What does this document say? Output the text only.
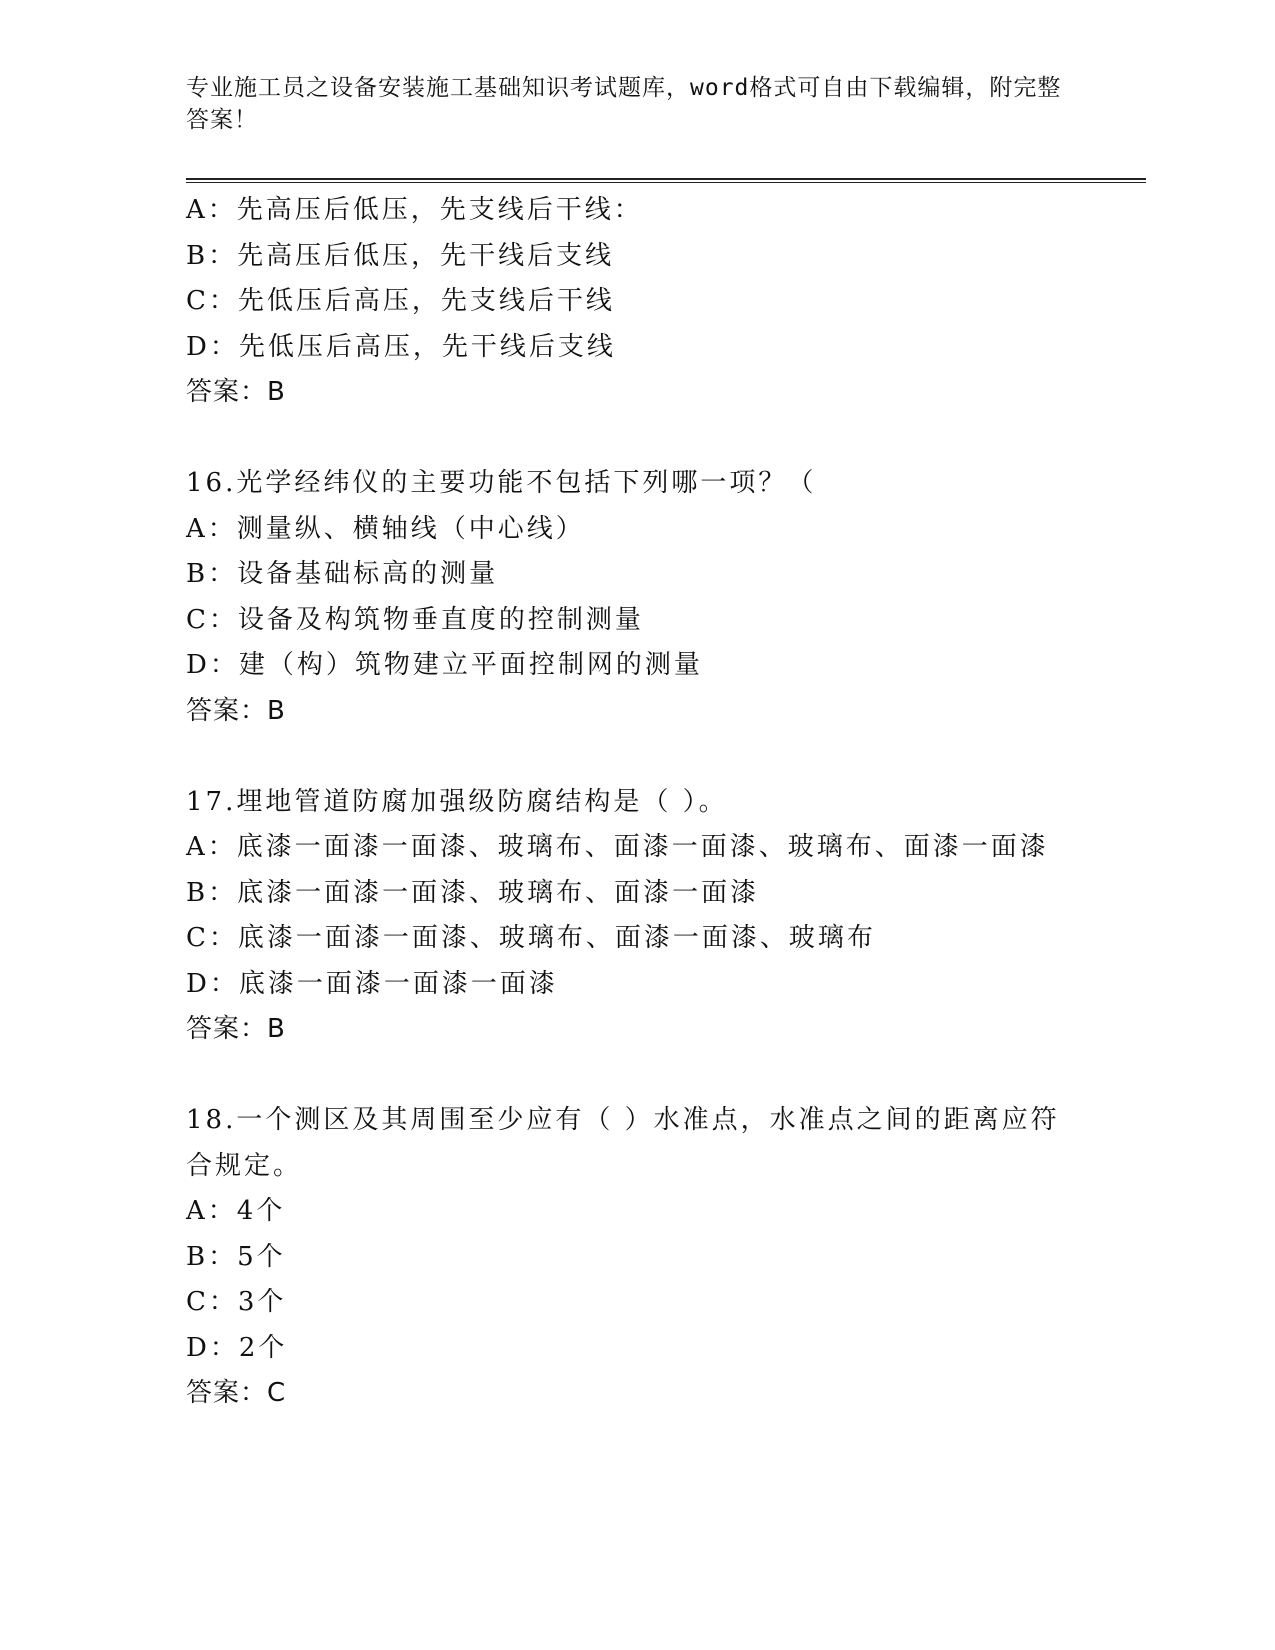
专业施工员之设备安装施工基础知识考试题库，word格式可自由下载编辑，附完整答案！
A：先高压后低压，先支线后干线：
B：先高压后低压，先干线后支线
C：先低压后高压，先支线后干线
D：先低压后高压，先干线后支线
答案：B
16.光学经纬仪的主要功能不包括下列哪一项？（
A：测量纵、横轴线（中心线）
B：设备基础标高的测量
C：设备及构筑物垂直度的控制测量
D：建（构）筑物建立平面控制网的测量
答案：B
17.埋地管道防腐加强级防腐结构是（ ）。
A：底漆一面漆一面漆、玻璃布、面漆一面漆、玻璃布、面漆一面漆
B：底漆一面漆一面漆、玻璃布、面漆一面漆
C：底漆一面漆一面漆、玻璃布、面漆一面漆、玻璃布
D：底漆一面漆一面漆一面漆
答案：B
18.一个测区及其周围至少应有（ ）水准点，水准点之间的距离应符合规定。
A：4个
B：5个
C：3个
D：2个
答案：C
